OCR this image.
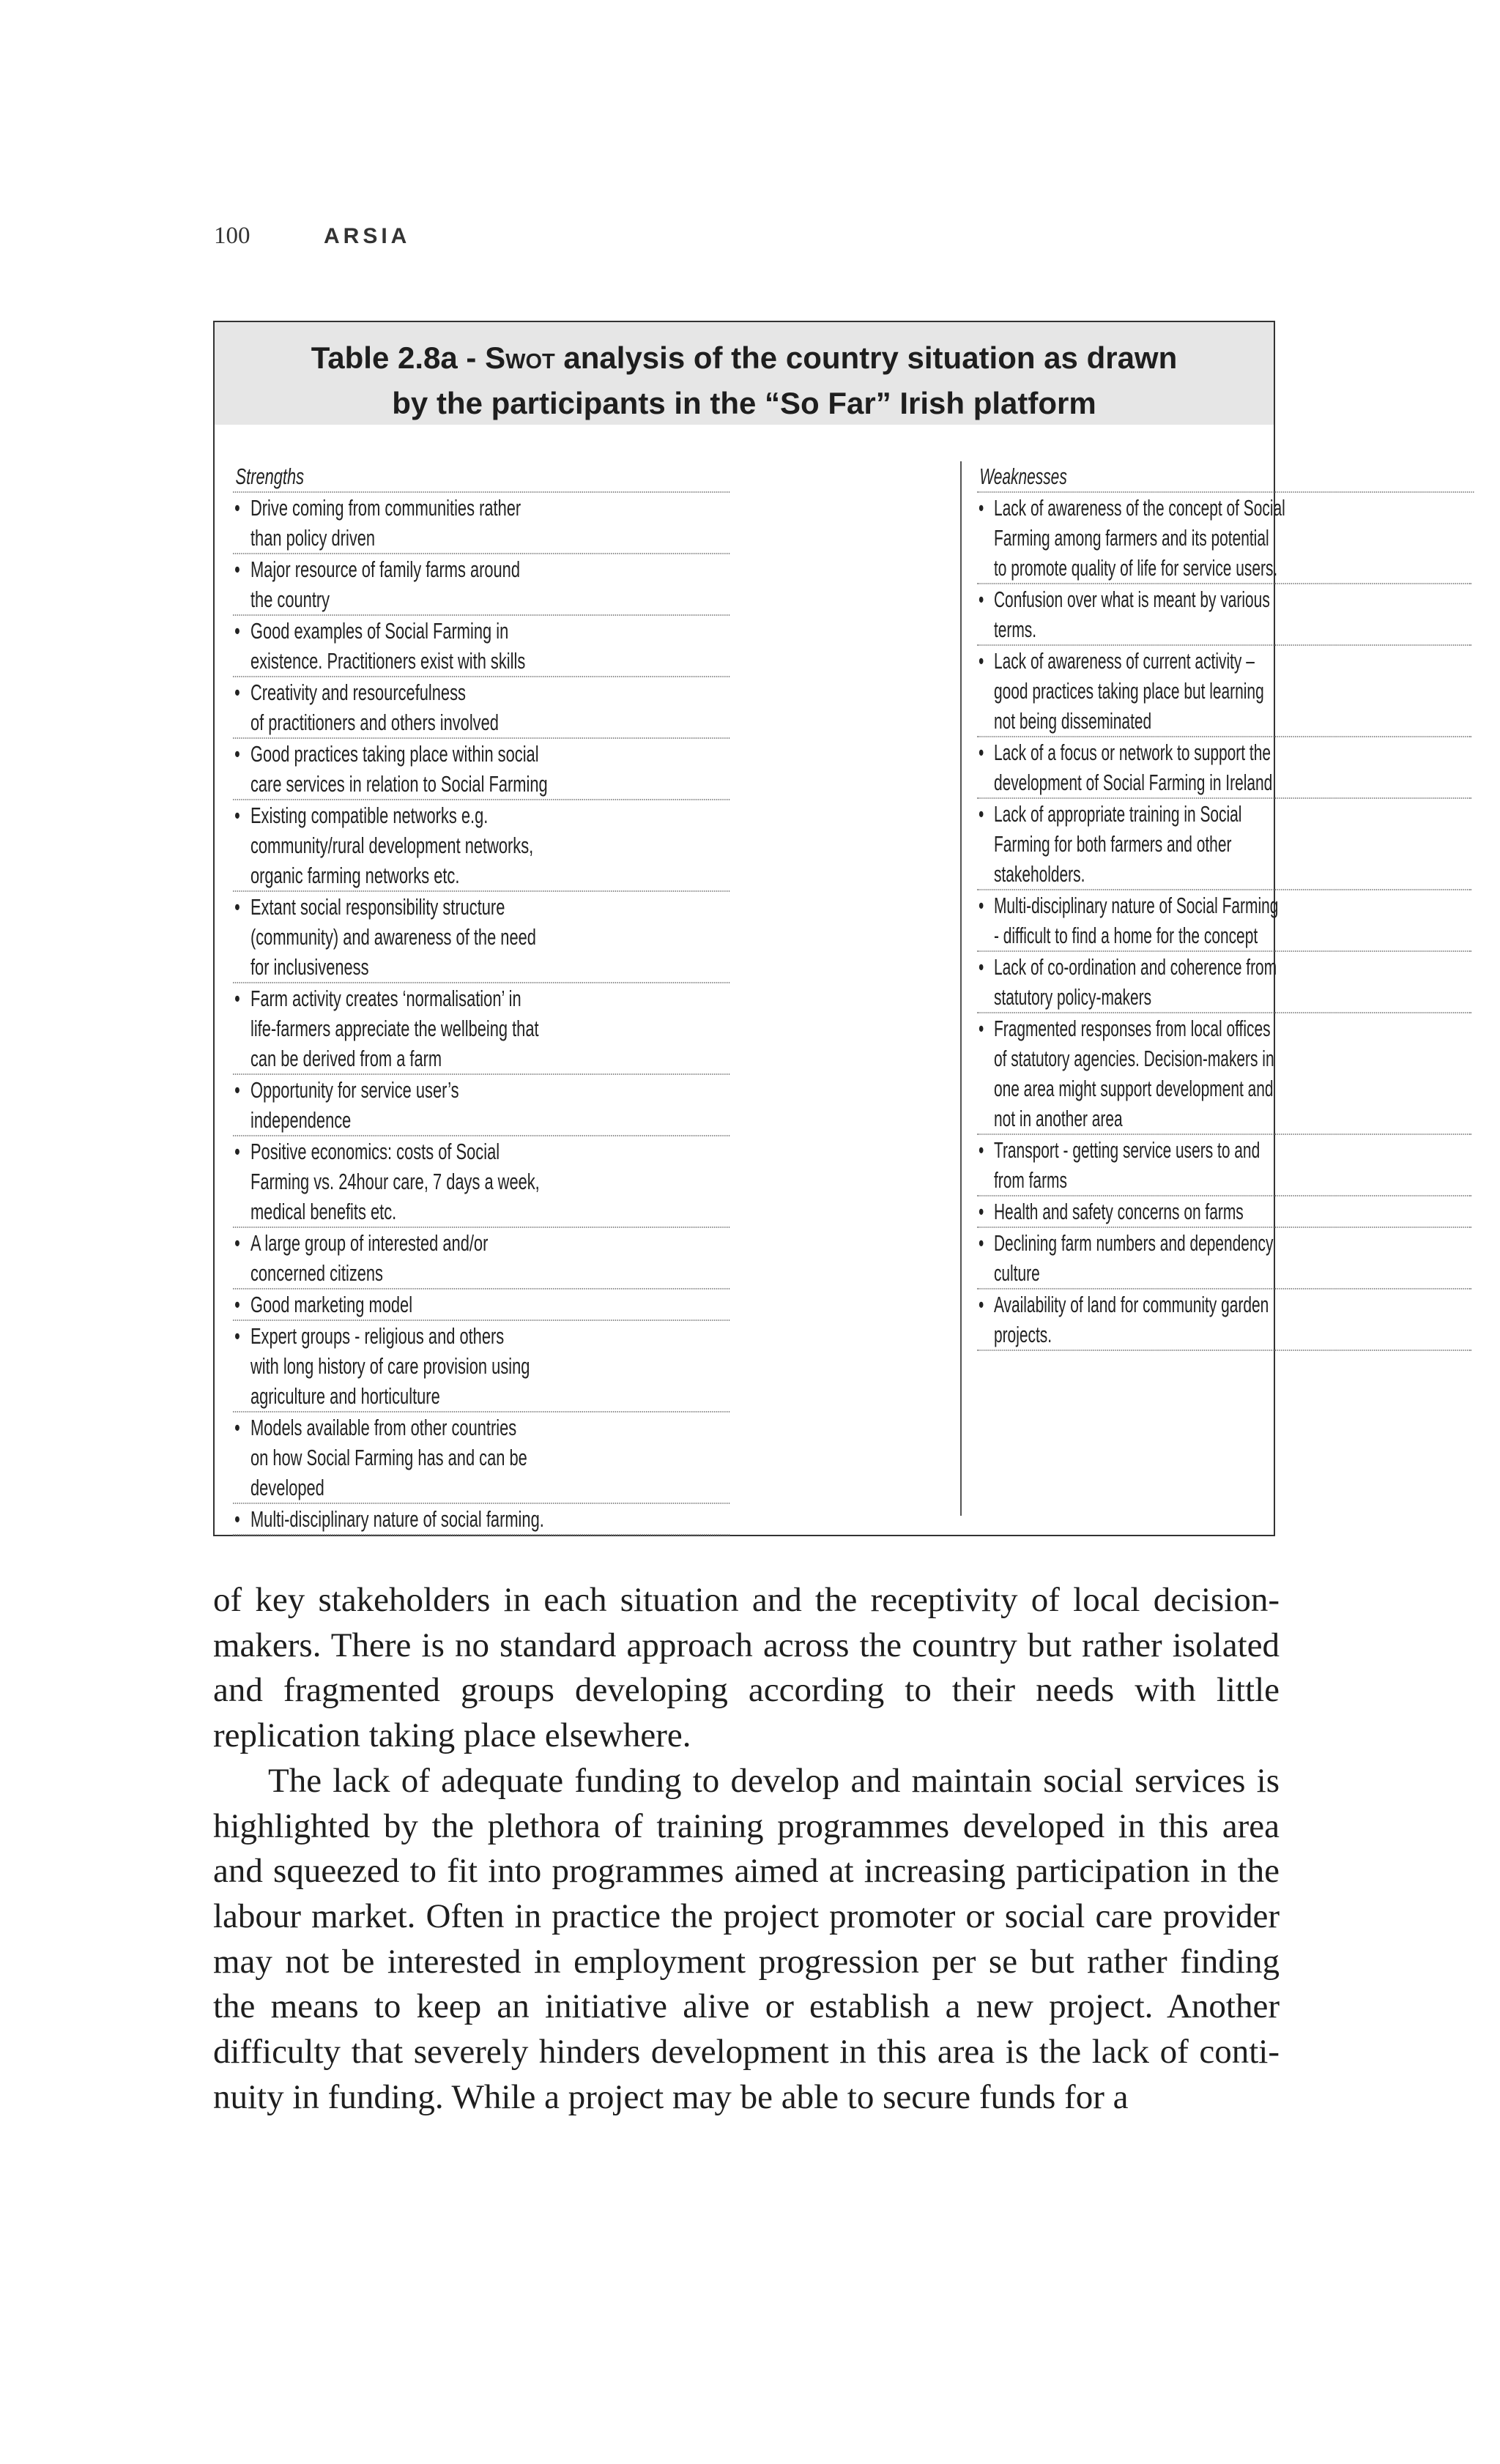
100	ARSIA
Table 2.8a - Swot analysis of the country situation as drawn
by the participants in the “So Far” Irish platform
Strengths
• Drive coming from communities rather
than policy driven
• Major resource of family farms around
the country
• Good examples of Social Farming in
existence. Practitioners exist with skills
• Creativity and resourcefulness
of practitioners and others involved
• Good practices taking place within social
care services in relation to Social Farming
• Existing compatible networks e.g.
community/rural development networks,
organic farming networks etc.
• Extant social responsibility structure
(community) and awareness of the need
for inclusiveness
• Farm activity creates ‘normalisation’ in
life-farmers appreciate the wellbeing that
can be derived from a farm
• Opportunity for service user’s
independence
• Positive economics: costs of Social
Farming vs. 24hour care, 7 days a week,
medical benefits etc.
• A large group of interested and/or
concerned citizens
• Good marketing model
• Expert groups - religious and others
with long history of care provision using
agriculture and horticulture
• Models available from other countries
on how Social Farming has and can be
developed
• Multi-disciplinary nature of social farming.
Weaknesses
• Lack of awareness of the concept of Social
Farming among farmers and its potential
to promote quality of life for service users.
• Confusion over what is meant by various
terms.
• Lack of awareness of current activity –
good practices taking place but learning
not being disseminated
• Lack of a focus or network to support the
development of Social Farming in Ireland
• Lack of appropriate training in Social
Farming for both farmers and other
stakeholders.
• Multi-disciplinary nature of Social Farming
- difficult to find a home for the concept
• Lack of co-ordination and coherence from
statutory policy-makers
• Fragmented responses from local offices
of statutory agencies. Decision-makers in
one area might support development and
not in another area
• Transport - getting service users to and
from farms
• Health and safety concerns on farms
• Declining farm numbers and dependency
culture
• Availability of land for community garden
projects.

of key stakeholders in each situation and the receptivity of local decision-makers. There is no standard approach across the country but rather isolated and fragmented groups developing according to their needs with little replication taking place elsewhere.

The lack of adequate funding to develop and maintain social services is highlighted by the plethora of training programmes developed in this area and squeezed to fit into programmes aimed at increasing participation in the labour market. Often in practice the project promoter or social care provider may not be interested in employment progression per se but rather finding the means to keep an initiative alive or establish a new project. Another difficulty that severely hinders development in this area is the lack of conti-nuity in funding. While a project may be able to secure funds for a
